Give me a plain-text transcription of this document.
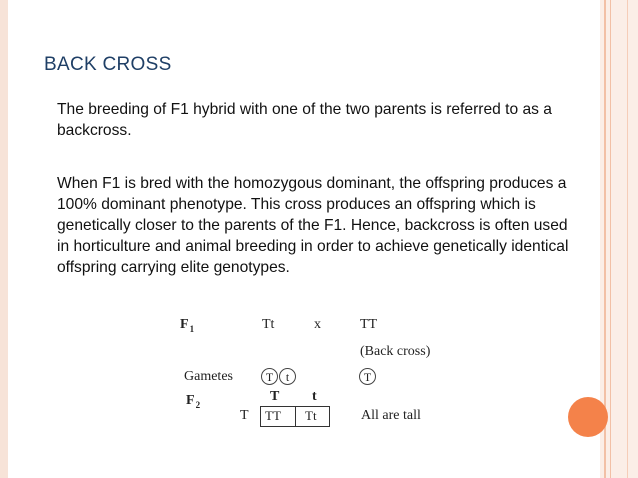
BACK CROSS
The breeding of F1 hybrid with one of the two parents is referred to as a backcross.
When F1 is bred with the homozygous dominant, the offspring produces a 100% dominant phenotype. This cross produces an offspring which is genetically closer to the parents of the F1. Hence, backcross is often used in horticulture and animal breeding in order to achieve genetically identical offspring carrying elite genotypes.
$F_1$	Tt	x	TT
(Back cross)
Gametes	T t	T
$F_2$
T t
T TT Tt	All are tall
